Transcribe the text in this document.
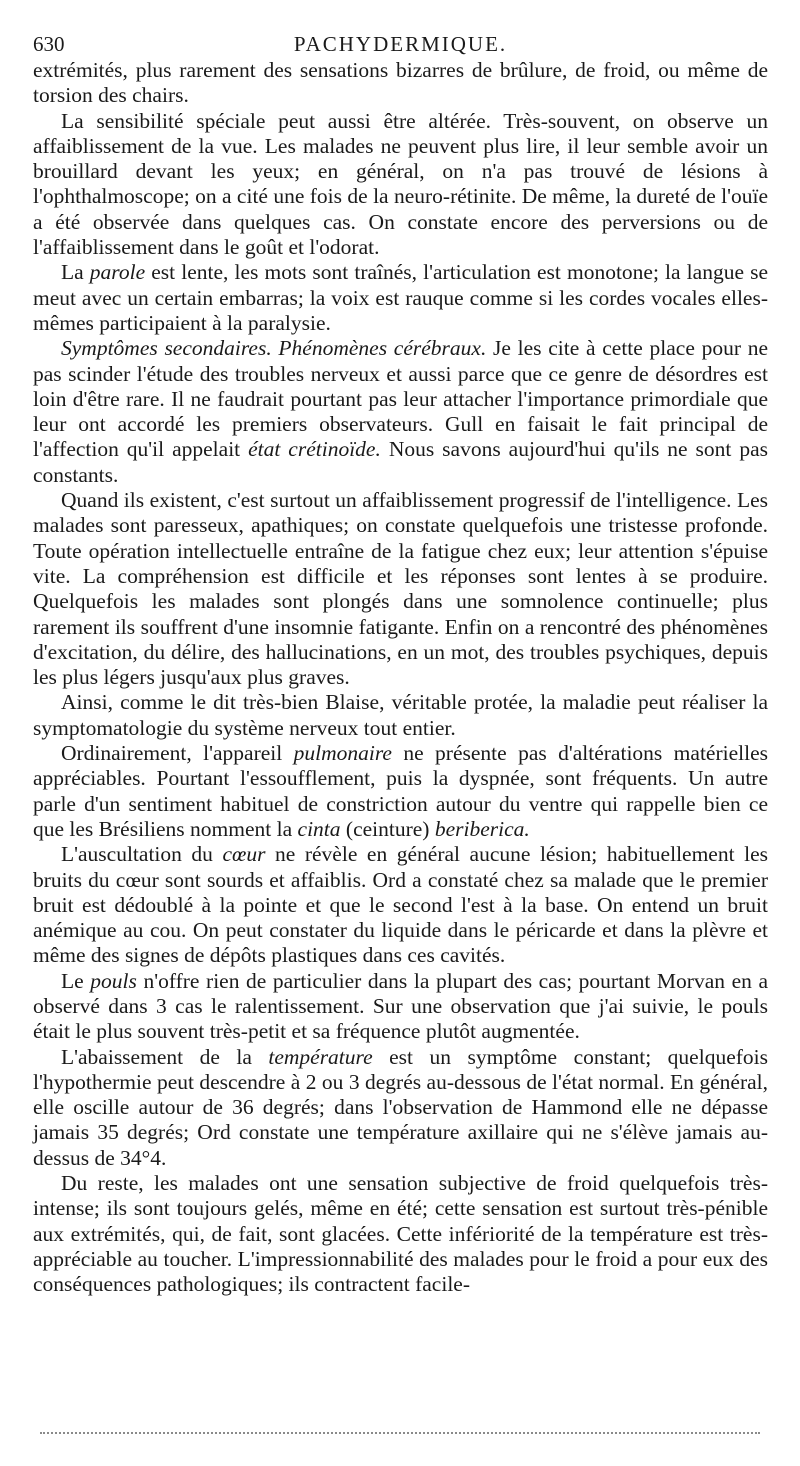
630	PACHYDERMIQUE.

extrémités, plus rarement des sensations bizarres de brûlure, de froid, ou même de torsion des chairs.

La sensibilité spéciale peut aussi être altérée. Très-souvent, on observe un affaiblissement de la vue. Les malades ne peuvent plus lire, il leur semble avoir un brouillard devant les yeux; en général, on n'a pas trouvé de lésions à l'ophthalmoscope; on a cité une fois de la neuro-rétinite. De même, la dureté de l'ouïe a été observée dans quelques cas. On constate encore des perversions ou de l'affaiblissement dans le goût et l'odorat.

La parole est lente, les mots sont traînés, l'articulation est monotone; la langue se meut avec un certain embarras; la voix est rauque comme si les cordes vocales elles-mêmes participaient à la paralysie.

Symptômes secondaires. Phénomènes cérébraux. Je les cite à cette place pour ne pas scinder l'étude des troubles nerveux et aussi parce que ce genre de désordres est loin d'être rare. Il ne faudrait pourtant pas leur attacher l'importance primordiale que leur ont accordé les premiers observateurs. Gull en faisait le fait principal de l'affection qu'il appelait état crétinoïde. Nous savons aujourd'hui qu'ils ne sont pas constants.

Quand ils existent, c'est surtout un affaiblissement progressif de l'intelligence. Les malades sont paresseux, apathiques; on constate quelquefois une tristesse profonde. Toute opération intellectuelle entraîne de la fatigue chez eux; leur attention s'épuise vite. La compréhension est difficile et les réponses sont lentes à se produire. Quelquefois les malades sont plongés dans une somnolence continuelle; plus rarement ils souffrent d'une insomnie fatigante. Enfin on a rencontré des phénomènes d'excitation, du délire, des hallucinations, en un mot, des troubles psychiques, depuis les plus légers jusqu'aux plus graves.

Ainsi, comme le dit très-bien Blaise, véritable protée, la maladie peut réaliser la symptomatologie du système nerveux tout entier.

Ordinairement, l'appareil pulmonaire ne présente pas d'altérations matérielles appréciables. Pourtant l'essoufflement, puis la dyspnée, sont fréquents. Un autre parle d'un sentiment habituel de constriction autour du ventre qui rappelle bien ce que les Brésiliens nomment la cinta (ceinture) beriberica.

L'auscultation du cœur ne révèle en général aucune lésion; habituellement les bruits du cœur sont sourds et affaiblis. Ord a constaté chez sa malade que le premier bruit est dédoublé à la pointe et que le second l'est à la base. On entend un bruit anémique au cou. On peut constater du liquide dans le péricarde et dans la plèvre et même des signes de dépôts plastiques dans ces cavités.

Le pouls n'offre rien de particulier dans la plupart des cas; pourtant Morvan en a observé dans 3 cas le ralentissement. Sur une observation que j'ai suivie, le pouls était le plus souvent très-petit et sa fréquence plutôt augmentée.

L'abaissement de la température est un symptôme constant; quelquefois l'hypothermie peut descendre à 2 ou 3 degrés au-dessous de l'état normal. En général, elle oscille autour de 36 degrés; dans l'observation de Hammond elle ne dépasse jamais 35 degrés; Ord constate une température axillaire qui ne s'élève jamais au-dessus de 34°4.

Du reste, les malades ont une sensation subjective de froid quelquefois très-intense; ils sont toujours gelés, même en été; cette sensation est surtout très-pénible aux extrémités, qui, de fait, sont glacées. Cette infériorité de la température est très-appréciable au toucher. L'impressionnabilité des malades pour le froid a pour eux des conséquences pathologiques; ils contractent facile-
